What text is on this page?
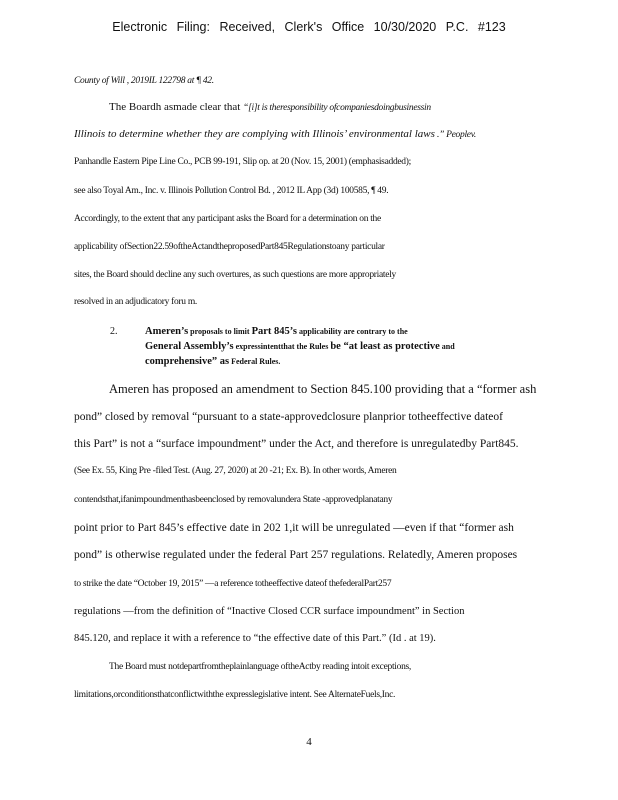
Electronic Filing: Received, Clerk's Office 10/30/2020 P.C. #123
County of Will , 2019IL 122798 at ¶ 42.
The Boardh asmade clear that “[i]t is theresponsibility ofcompaniesdoingbusinessin
Illinois to determine whether they are complying with Illinois’ environmental laws .” Peoplev.
Panhandle Eastern Pipe Line Co., PCB 99-191, Slip op. at 20 (Nov. 15, 2001) (emphasisadded);
see also Toyal Am., Inc. v. Illinois Pollution Control Bd. , 2012 IL App (3d) 100585, ¶ 49.
Accordingly, to the extent that any participant asks the Board for a determination on the
applicability ofSection22.59oftheActandtheproposedPart845Regulationstoany particular
sites, the Board should decline any such overtures, as such questions are more appropriately
resolved in an adjudicatory foru m.
2.	Ameren’s proposals to limit Part 845’s applicability are contrary to the
General Assembly’s expressintentthat the Rules be “at least as protective and
comprehensive” as Federal Rules.
Ameren has proposed an amendment to Section 845.100 providing that a “former ash
pond” closed by removal “pursuant to a state-approvedclosure planprior totheeffective dateof
this Part” is not a “surface impoundment” under the Act, and therefore is unregulatedby Part845.
(See Ex. 55, King Pre -filed Test. (Aug. 27, 2020) at 20 -21; Ex. B). In other words, Ameren
contendsthat,ifanimpoundmenthasbeenclosed by removalundera State -approvedplanatany
point prior to Part 845’s effective date in 202 1,it will be unregulated —even if that “former ash
pond” is otherwise regulated under the federal Part 257 regulations. Relatedly, Ameren proposes
to strike the date “October 19, 2015” —a reference totheeffective dateof thefederalPart257
regulations —from the definition of “Inactive Closed CCR surface impoundment” in Section
845.120, and replace it with a reference to “the effective date of this Part.” (Id . at 19).
The Board must notdepartfromtheplainlanguage oftheActby reading intoit exceptions,
limitations,orconditionsthatconflictwiththe expresslegislative intent. See AlternateFuels,Inc.
4
